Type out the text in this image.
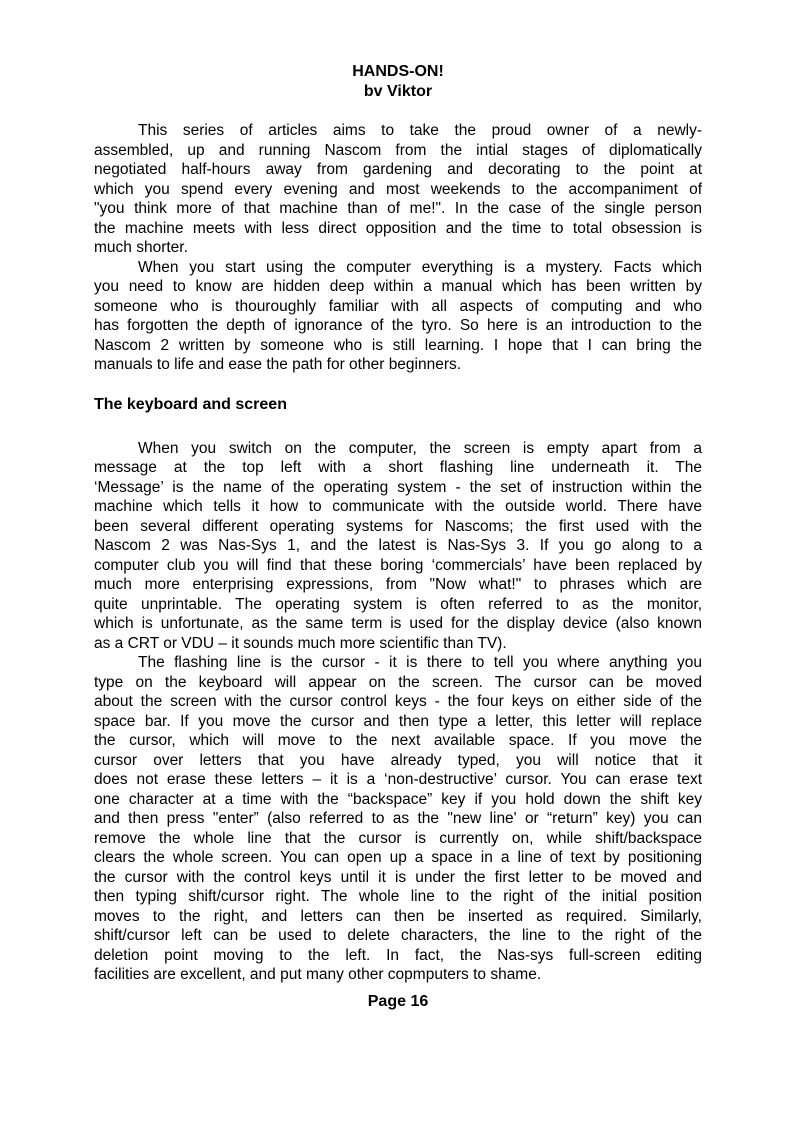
HANDS-ON!
bv Viktor
This series of articles aims to take the proud owner of a newly-
assembled, up and running Nascom from the intial stages of diplomatically
negotiated half-hours away from gardening and decorating to the point at
which you spend every evening and most weekends to the accompaniment of
"you think more of that machine than of me!". In the case of the single person
the machine meets with less direct opposition and the time to total obsession is
much shorter.
When you start using the computer everything is a mystery. Facts which
you need to know are hidden deep within a manual which has been written by
someone who is thouroughly familiar with all aspects of computing and who
has forgotten the depth of ignorance of the tyro. So here is an introduction to the
Nascom 2 written by someone who is still learning. I hope that I can bring the
manuals to life and ease the path for other beginners.
The keyboard and screen
When you switch on the computer, the screen is empty apart from a
message at the top left with a short flashing line underneath it. The
‘Message’ is the name of the operating system - the set of instruction within the
machine which tells it how to communicate with the outside world. There have
been several different operating systems for Nascoms; the first used with the
Nascom 2 was Nas-Sys 1, and the latest is Nas-Sys 3. If you go along to a
computer club you will find that these boring ‘commercials’ have been replaced by
much more enterprising expressions, from "Now what!" to phrases which are
quite unprintable. The operating system is often referred to as the monitor,
which is unfortunate, as the same term is used for the display device (also known
as a CRT or VDU – it sounds much more scientific than TV).
The flashing line is the cursor - it is there to tell you where anything you
type on the keyboard will appear on the screen. The cursor can be moved
about the screen with the cursor control keys - the four keys on either side of the
space bar. If you move the cursor and then type a letter, this letter will replace
the cursor, which will move to the next available space. If you move the
cursor over letters that you have already typed, you will notice that it
does not erase these letters – it is a ‘non-destructive’ cursor. You can erase text
one character at a time with the “backspace” key if you hold down the shift key
and then press "enter” (also referred to as the "new line' or “return” key) you can
remove the whole line that the cursor is currently on, while shift/backspace
clears the whole screen. You can open up a space in a line of text by positioning
the cursor with the control keys until it is under the first letter to be moved and
then typing shift/cursor right. The whole line to the right of the initial position
moves to the right, and letters can then be inserted as required. Similarly,
shift/cursor left can be used to delete characters, the line to the right of the
deletion point moving to the left. In fact, the Nas-sys full-screen editing
facilities are excellent, and put many other copmputers to shame.
Page 16
